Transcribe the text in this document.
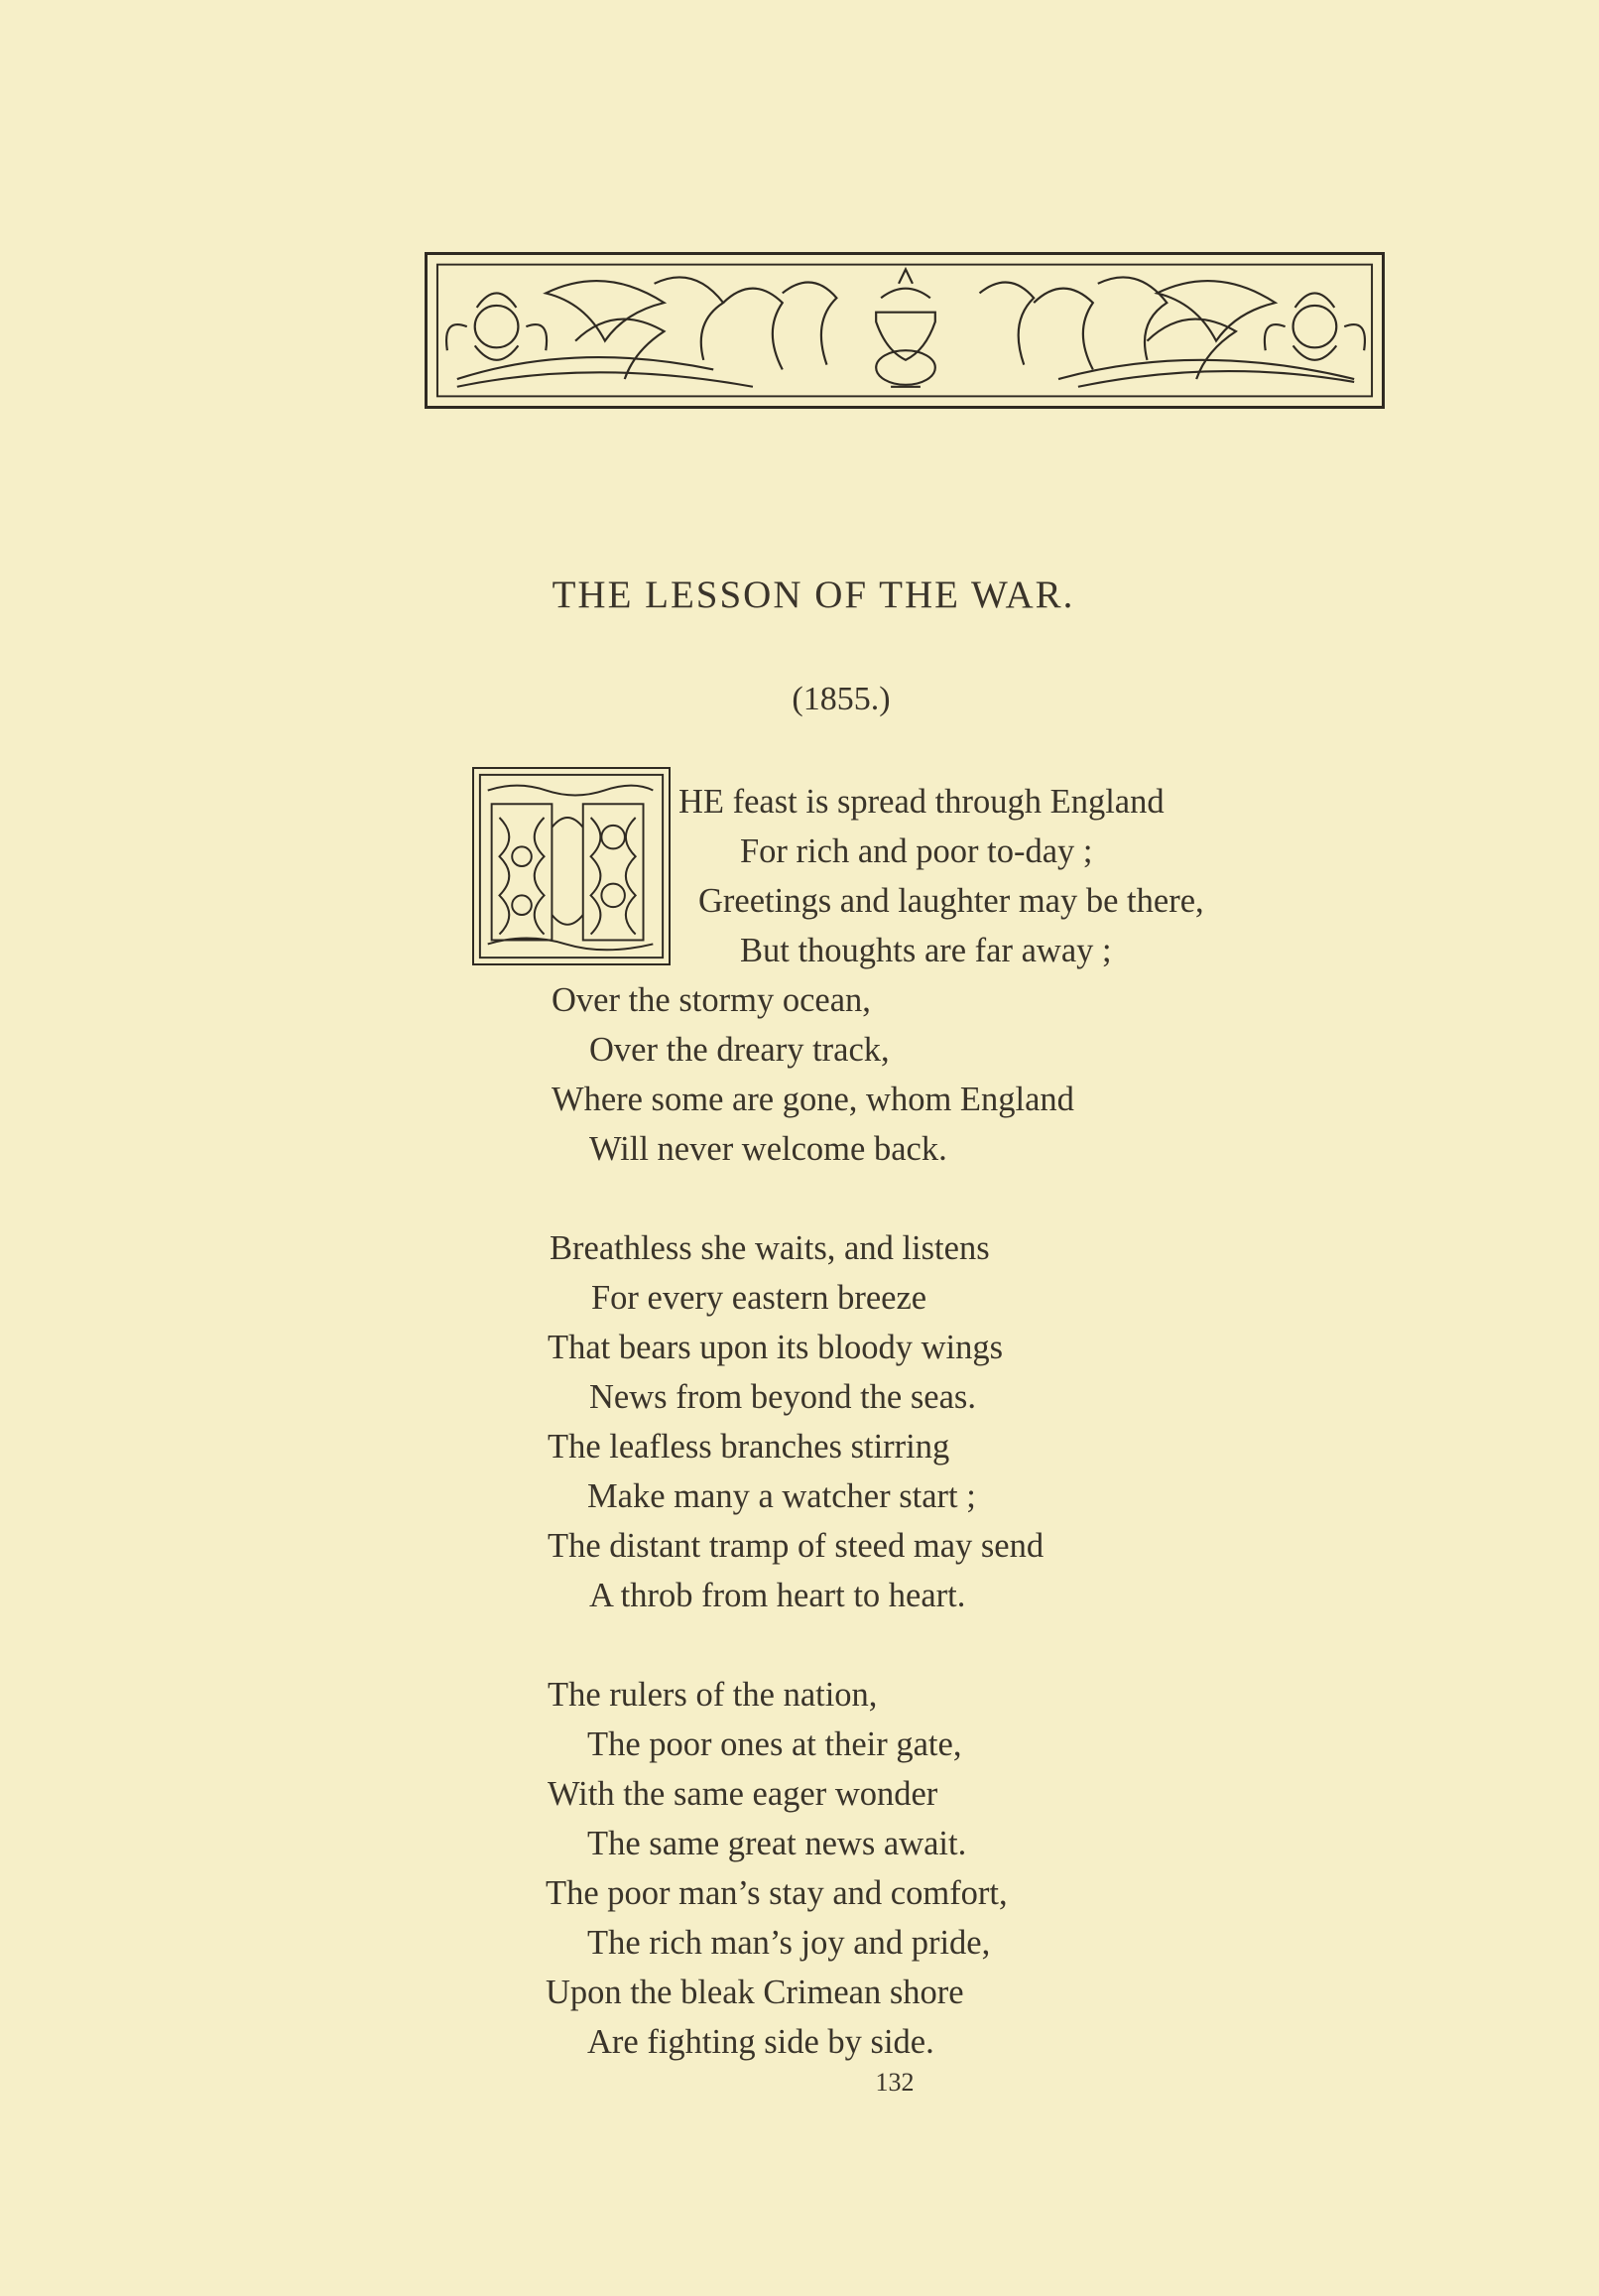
THE LESSON OF THE WAR.
(1855.)
HE feast is spread through England
For rich and poor to-day ;
Greetings and laughter may be there,
But thoughts are far away ;
Over the stormy ocean,
Over the dreary track,
Where some are gone, whom England
Will never welcome back.
Breathless she waits, and listens
For every eastern breeze
That bears upon its bloody wings
News from beyond the seas.
The leafless branches stirring
Make many a watcher start ;
The distant tramp of steed may send
A throb from heart to heart.
The rulers of the nation,
The poor ones at their gate,
With the same eager wonder
The same great news await.
The poor man’s stay and comfort,
The rich man’s joy and pride,
Upon the bleak Crimean shore
Are fighting side by side.
132
